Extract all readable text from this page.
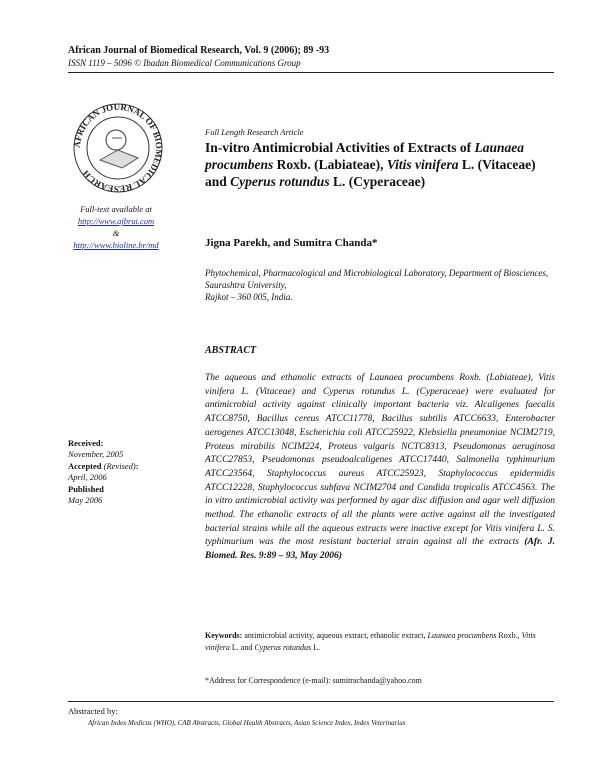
African Journal of Biomedical Research, Vol. 9 (2006); 89 -93
ISSN 1119 – 5096 © Ibadan Biomedical Communications Group
AFRICAN JOURNAL OF BIOMEDICAL RESEARCH
Full-text available at
http://www.ajbrui.com
&
http://www.bioline.br/md
Received:
November, 2005
Accepted (Revised):
April, 2006
Published
May 2006
Full Length Research Article
In-vitro Antimicrobial Activities of Extracts of Launaea procumbens Roxb. (Labiateae), Vitis vinifera L. (Vitaceae) and Cyperus rotundus L. (Cyperaceae)
Jigna Parekh, and Sumitra Chanda*
Phytochemical, Pharmacological and Microbiological Laboratory, Department of Biosciences, Saurashtra University,
Rajkot – 360 005, India.
ABSTRACT
The aqueous and ethanolic extracts of Launaea procumbens Roxb. (Labiateae), Vitis vinifera L. (Vitaceae) and Cyperus rotundus L. (Cyperaceae) were evaluated for antimicrobial activity against clinically important bacteria viz. Alcaligenes faecalis ATCC8750, Bacillus cereus ATCC11778, Bacillus subtilis ATCC6633, Enterobacter aerogenes ATCC13048, Escherichia coli ATCC25922, Klebsiella pneumoniae NCIM2719, Proteus mirabilis NCIM224, Proteus vulgaris NCTC8313, Pseudomonas aeruginosa ATCC27853, Pseudomonas pseudoalcaligenes ATCC17440, Salmonella typhimurium ATCC23564, Staphylococcus aureus ATCC25923, Staphylococcus epidermidis ATCC12228, Staphylococcus subfava NCIM2704 and Candida tropicalis ATCC4563. The in vitro antimicrobial activity was performed by agar disc diffusion and agar well diffusion method. The ethanolic extracts of all the plants were active against all the investigated bacterial strains while all the aqueous extracts were inactive except for Vitis vinifera L. S. typhimurium was the most resistant bacterial strain against all the extracts (Afr. J. Biomed. Res. 9:89 – 93, May 2006)
Keywords: antimicrobial activity, aqueous extract, ethanolic extract, Launaea procumbens Roxb., Vitis vinifera L. and Cyperus rotundus L.
*Address for Correspondence (e-mail): sumitrachanda@yahoo.com
Abstracted by:
African Index Medicus (WHO), CAB Abstracts, Global Health Abstracts, Asian Science Index, Index Veterinarius
